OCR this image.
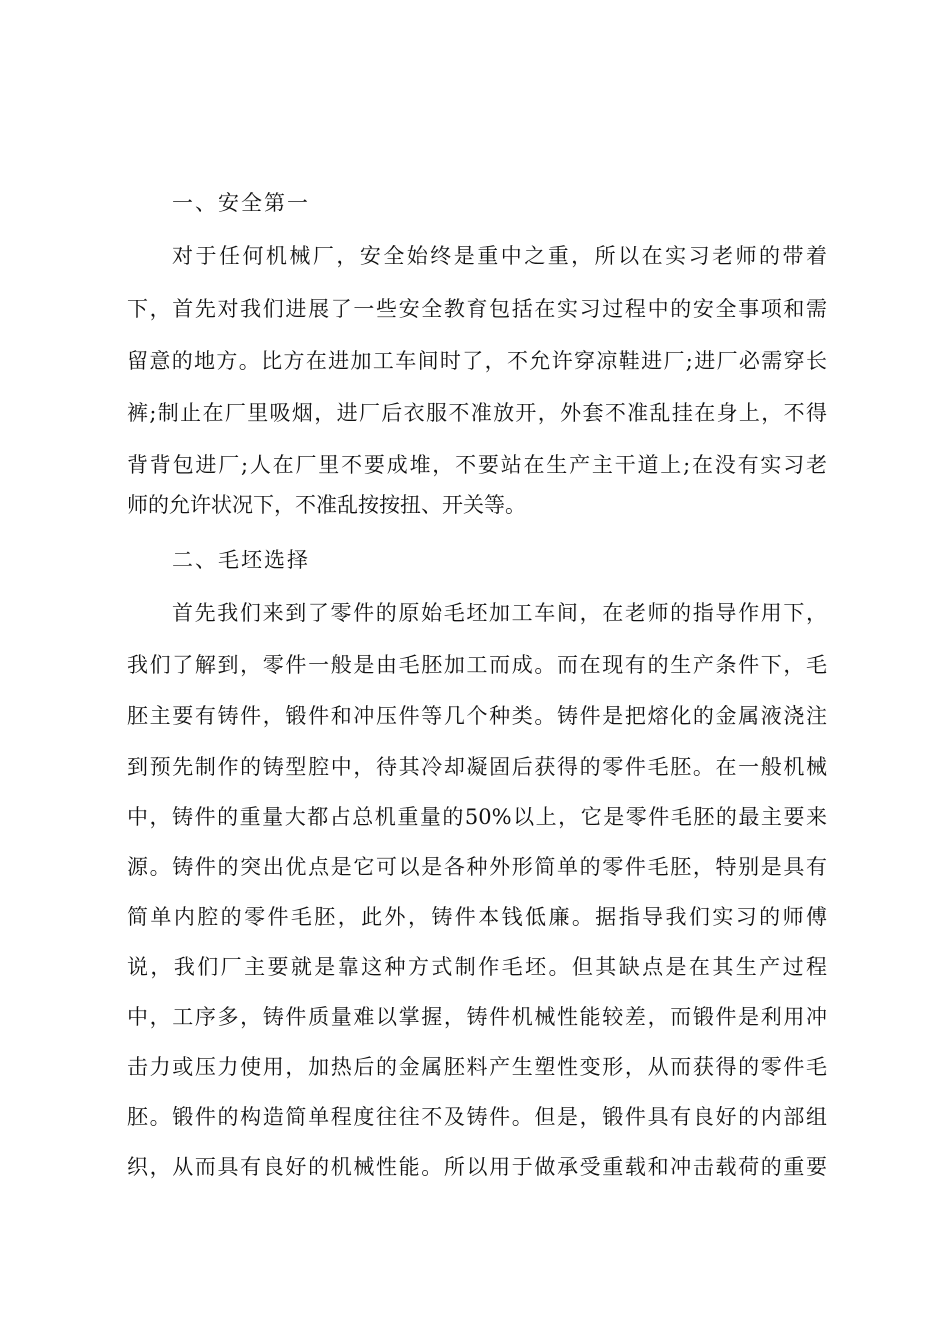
一、安全第一
对于任何机械厂，安全始终是重中之重，所以在实习老师的带着
下，首先对我们进展了一些安全教育包括在实习过程中的安全事项和需
留意的地方。比方在进加工车间时了，不允许穿凉鞋进厂;进厂必需穿长
裤;制止在厂里吸烟，进厂后衣服不准放开，外套不准乱挂在身上，不得
背背包进厂;人在厂里不要成堆，不要站在生产主干道上;在没有实习老
师的允许状况下，不准乱按按扭、开关等。
二、毛坯选择
首先我们来到了零件的原始毛坯加工车间，在老师的指导作用下，
我们了解到，零件一般是由毛胚加工而成。而在现有的生产条件下，毛
胚主要有铸件，锻件和冲压件等几个种类。铸件是把熔化的金属液浇注
到预先制作的铸型腔中，待其冷却凝固后获得的零件毛胚。在一般机械
中，铸件的重量大都占总机重量的50%以上，它是零件毛胚的最主要来
源。铸件的突出优点是它可以是各种外形简单的零件毛胚，特别是具有
简单内腔的零件毛胚，此外，铸件本钱低廉。据指导我们实习的师傅
说，我们厂主要就是靠这种方式制作毛坯。但其缺点是在其生产过程
中，工序多，铸件质量难以掌握，铸件机械性能较差，而锻件是利用冲
击力或压力使用，加热后的金属胚料产生塑性变形，从而获得的零件毛
胚。锻件的构造简单程度往往不及铸件。但是，锻件具有良好的内部组
织，从而具有良好的机械性能。所以用于做承受重载和冲击载荷的重要
